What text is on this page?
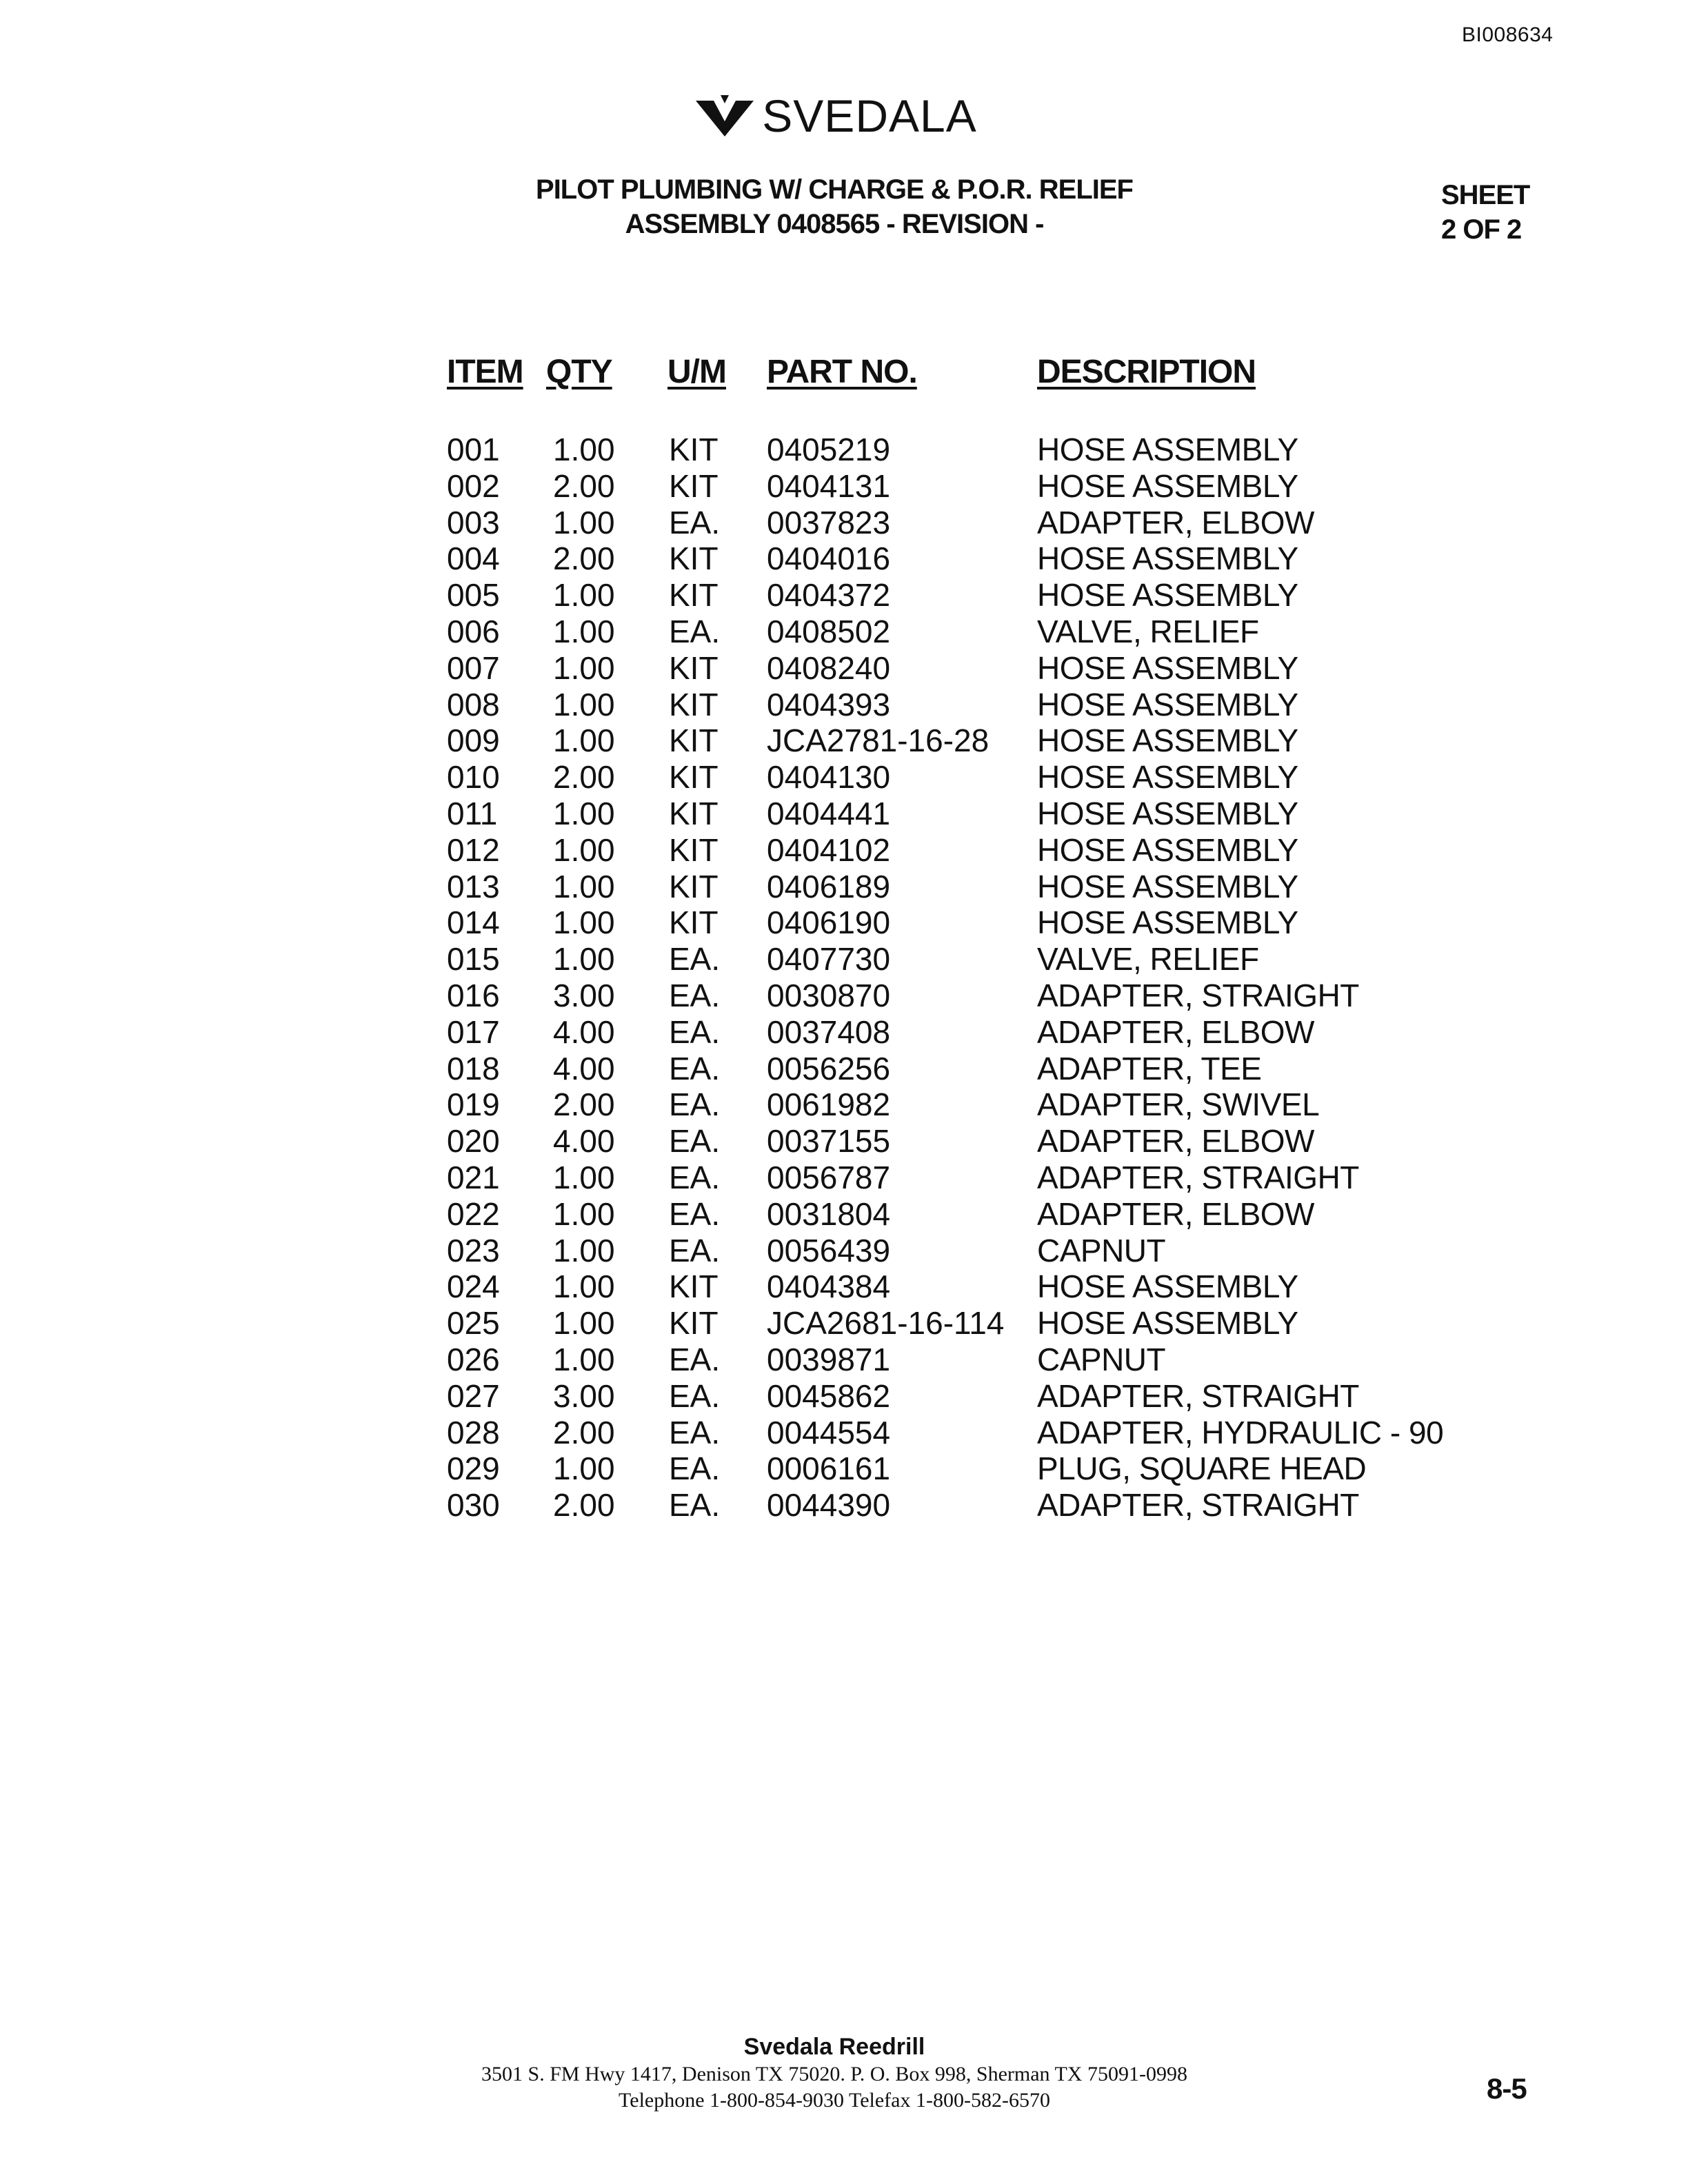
BI008634
SVEDALA
PILOT PLUMBING W/ CHARGE & P.O.R. RELIEF
ASSEMBLY 0408565 - REVISION -
SHEET
2 OF 2
ITEM QTY U/M PART NO.	DESCRIPTION
001 1.00 KIT 0405219	HOSE ASSEMBLY
002 2.00 KIT 0404131	HOSE ASSEMBLY
003 1.00 EA. 0037823	ADAPTER, ELBOW
004 2.00 KIT 0404016	HOSE ASSEMBLY
005 1.00 KIT 0404372	HOSE ASSEMBLY
006 1.00 EA. 0408502	VALVE, RELIEF
007 1.00 KIT 0408240	HOSE ASSEMBLY
008 1.00 KIT 0404393	HOSE ASSEMBLY
009 1.00 KIT JCA2781-16-28 HOSE ASSEMBLY
010 2.00 KIT 0404130	HOSE ASSEMBLY
011 1.00 KIT 0404441	HOSE ASSEMBLY
012 1.00 KIT 0404102	HOSE ASSEMBLY
013 1.00 KIT 0406189	HOSE ASSEMBLY
014 1.00 KIT 0406190	HOSE ASSEMBLY
015 1.00 EA. 0407730	VALVE, RELIEF
016 3.00 EA. 0030870	ADAPTER, STRAIGHT
017 4.00 EA. 0037408	ADAPTER, ELBOW
018 4.00 EA. 0056256	ADAPTER, TEE
019 2.00 EA. 0061982	ADAPTER, SWIVEL
020 4.00 EA. 0037155	ADAPTER, ELBOW
021 1.00 EA. 0056787	ADAPTER, STRAIGHT
022 1.00 EA. 0031804	ADAPTER, ELBOW
023 1.00 EA. 0056439	CAPNUT
024 1.00 KIT 0404384	HOSE ASSEMBLY
025 1.00 KIT JCA2681-16-114 HOSE ASSEMBLY
026 1.00 EA. 0039871	CAPNUT
027 3.00 EA. 0045862	ADAPTER, STRAIGHT
028 2.00 EA. 0044554	ADAPTER, HYDRAULIC - 90
029 1.00 EA. 0006161	PLUG, SQUARE HEAD
030 2.00 EA. 0044390	ADAPTER, STRAIGHT
Svedala Reedrill
3501 S. FM Hwy 1417, Denison TX 75020. P. O. Box 998, Sherman TX 75091-0998
Telephone 1-800-854-9030 Telefax 1-800-582-6570	8-5
